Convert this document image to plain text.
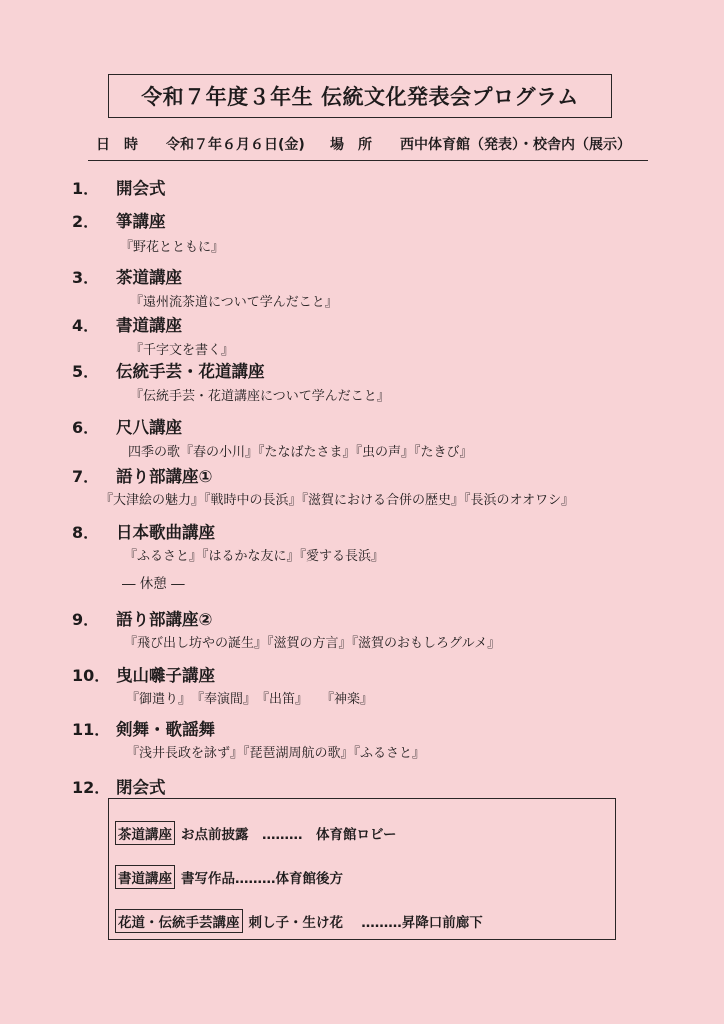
令和７年度３年生 伝統文化発表会プログラム
日　時 令和７年６月６日(金) 場　所 西中体育館（発表）・校舎内（展示）
1． 開会式
2． 箏講座
『野花とともに』
3． 茶道講座
『遠州流茶道について学んだこと』
4． 書道講座
『千字文を書く』
5． 伝統手芸・花道講座
『伝統手芸・花道講座について学んだこと』
6． 尺八講座
四季の歌『春の小川』『たなばたさま』『虫の声』『たきび』
7． 語り部講座①
『大津絵の魅力』『戦時中の長浜』『滋賀における合併の歴史』『長浜のオオワシ』
8． 日本歌曲講座
『ふるさと』『はるかな友に』『愛する長浜』
― 休憩 ―
9． 語り部講座②
『飛び出し坊やの誕生』『滋賀の方言』『滋賀のおもしろグルメ』
10． 曳山囃子講座
『御遣り』　『奉演間』　『出笛』　　『神楽』
11． 剣舞・歌謡舞
『浅井長政を詠ず』『琵琶湖周航の歌』『ふるさと』
12． 閉会式
茶道講座 お点前披露　………　体育館ロビー
書道講座 書写作品………体育館後方
花道・伝統手芸講座 刺し子・生け花　 ………昇降口前廊下
